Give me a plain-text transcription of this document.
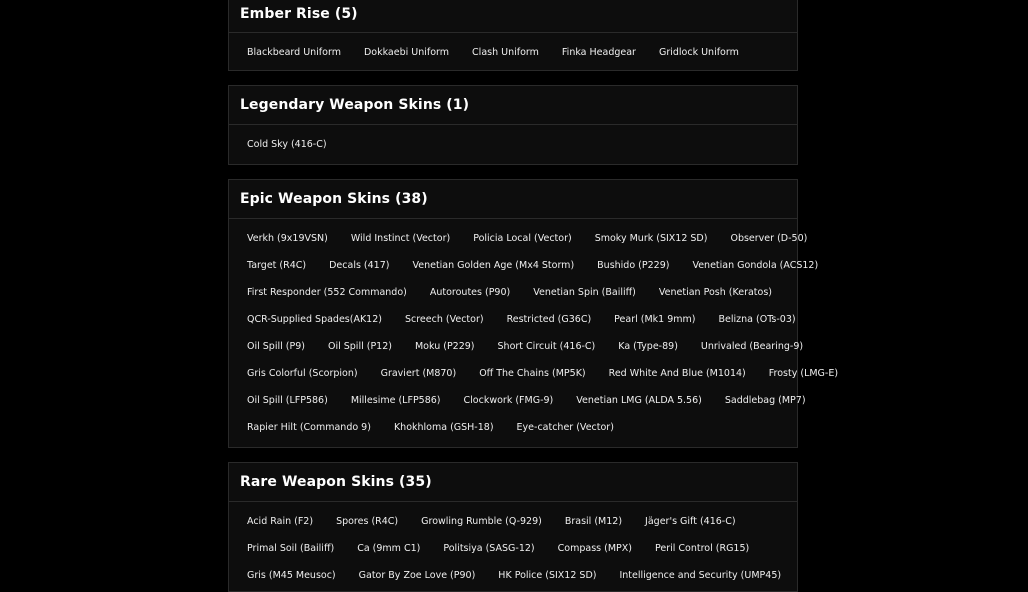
Ember Rise (5)
Blackbeard Uniform	Dokkaebi Uniform	Clash Uniform	Finka Headgear	Gridlock Uniform
Legendary Weapon Skins (1)
Cold Sky (416-C)
Epic Weapon Skins (38)
Verkh (9x19VSN)	Wild Instinct (Vector)	Policia Local (Vector)	Smoky Murk (SIX12 SD)	Observer (D-50)
Target (R4C)	Decals (417)	Venetian Golden Age (Mx4 Storm)	Bushido (P229)	Venetian Gondola (ACS12)
First Responder (552 Commando)	Autoroutes (P90)	Venetian Spin (Bailiff)	Venetian Posh (Keratos)
QCR-Supplied Spades(AK12)	Screech (Vector)	Restricted (G36C)	Pearl (Mk1 9mm)	Belizna (OTs-03)
Oil Spill (P9)	Oil Spill (P12)	Moku (P229)	Short Circuit (416-C)	Ka (Type-89)	Unrivaled (Bearing-9)
Gris Colorful (Scorpion)	Graviert (M870)	Off The Chains (MP5K)	Red White And Blue (M1014)	Frosty (LMG-E)
Oil Spill (LFP586)	Millesime (LFP586)	Clockwork (FMG-9)	Venetian LMG (ALDA 5.56)	Saddlebag (MP7)
Rapier Hilt (Commando 9)	Khokhloma (GSH-18)	Eye-catcher (Vector)
Rare Weapon Skins (35)
Acid Rain (F2)	Spores (R4C)	Growling Rumble (Q-929)	Brasil (M12)	Jäger's Gift (416-C)
Primal Soil (Bailiff)	Ca (9mm C1)	Politsiya (SASG-12)	Compass (MPX)	Peril Control (RG15)
Gris (M45 Meusoc)	Gator By Zoe Love (P90)	HK Police (SIX12 SD)	Intelligence and Security (UMP45)
